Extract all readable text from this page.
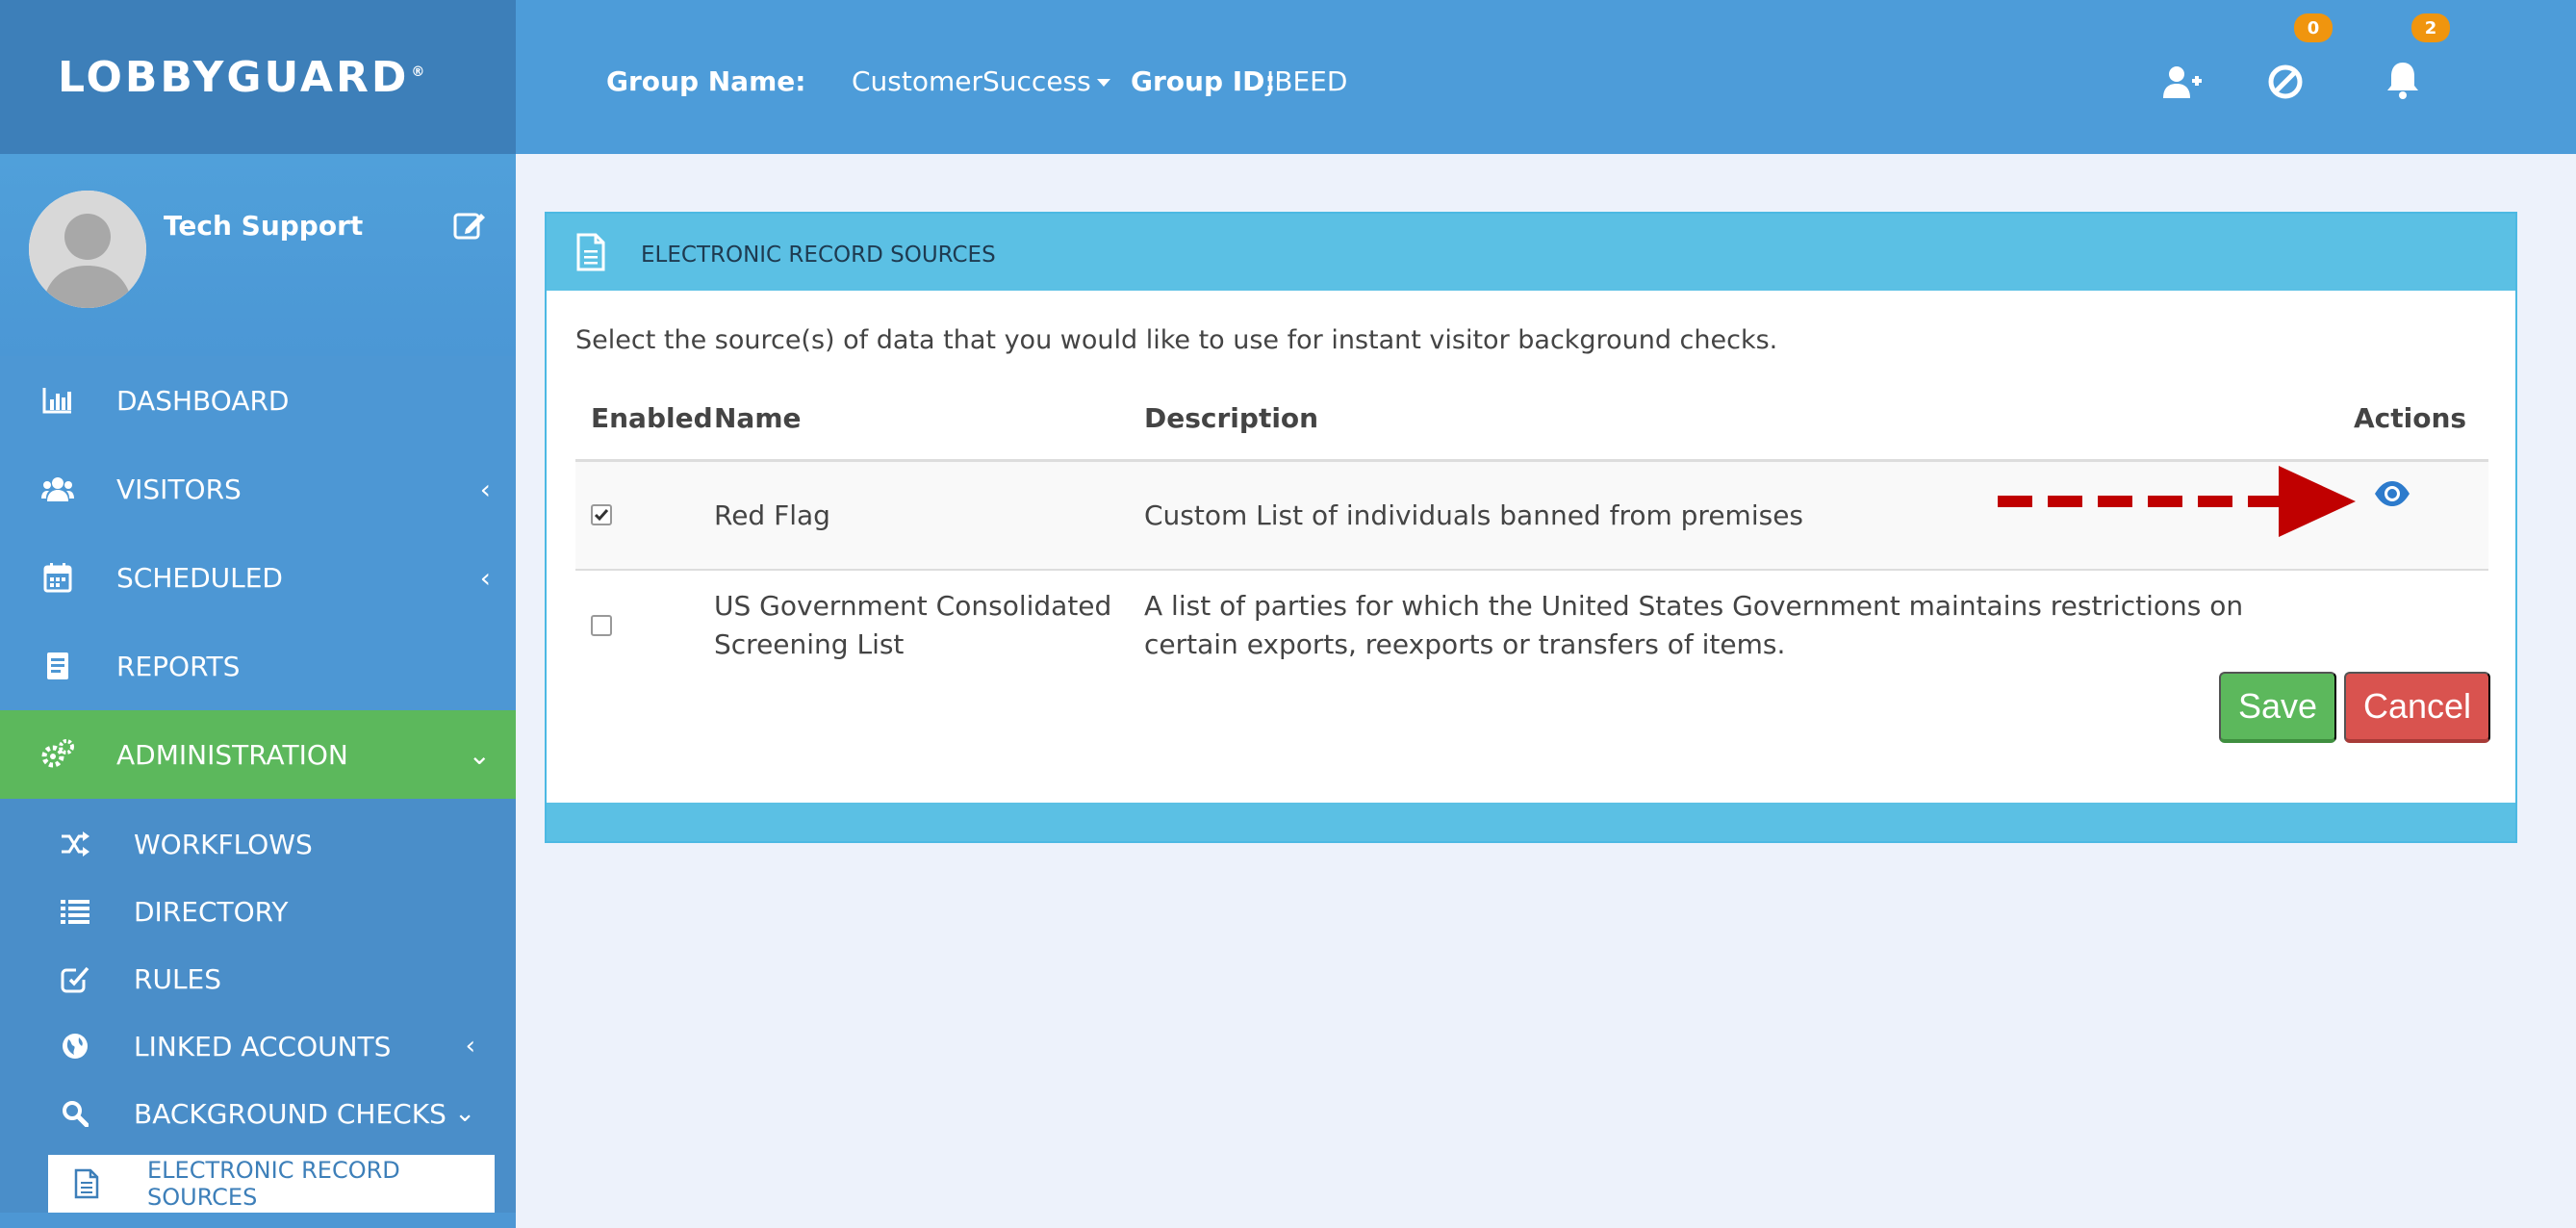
LOBBYGUARD ®
Tech Support
DASHBOARD
VISITORS	‹
SCHEDULED	‹
REPORTS
ADMINISTRATION	⌄
WORKFLOWS
DIRECTORY
RULES
LINKED ACCOUNTS	‹
BACKGROUND CHECKS ⌄
ELECTRONIC RECORD SOURCES
Group Name: CustomerSuccess	Group ID:
JBEED
0	2
ELECTRONIC RECORD SOURCES
Select the source(s) of data that you would like to use for instant visitor background checks.
Enabled	Name	Description	Actions

	Red Flag	Custom List of individuals banned from premises	

	US Government Consolidated Screening List	A list of parties for which the United States Government maintains restrictions on certain exports, reexports or transfers of items.	
Save	Cancel
